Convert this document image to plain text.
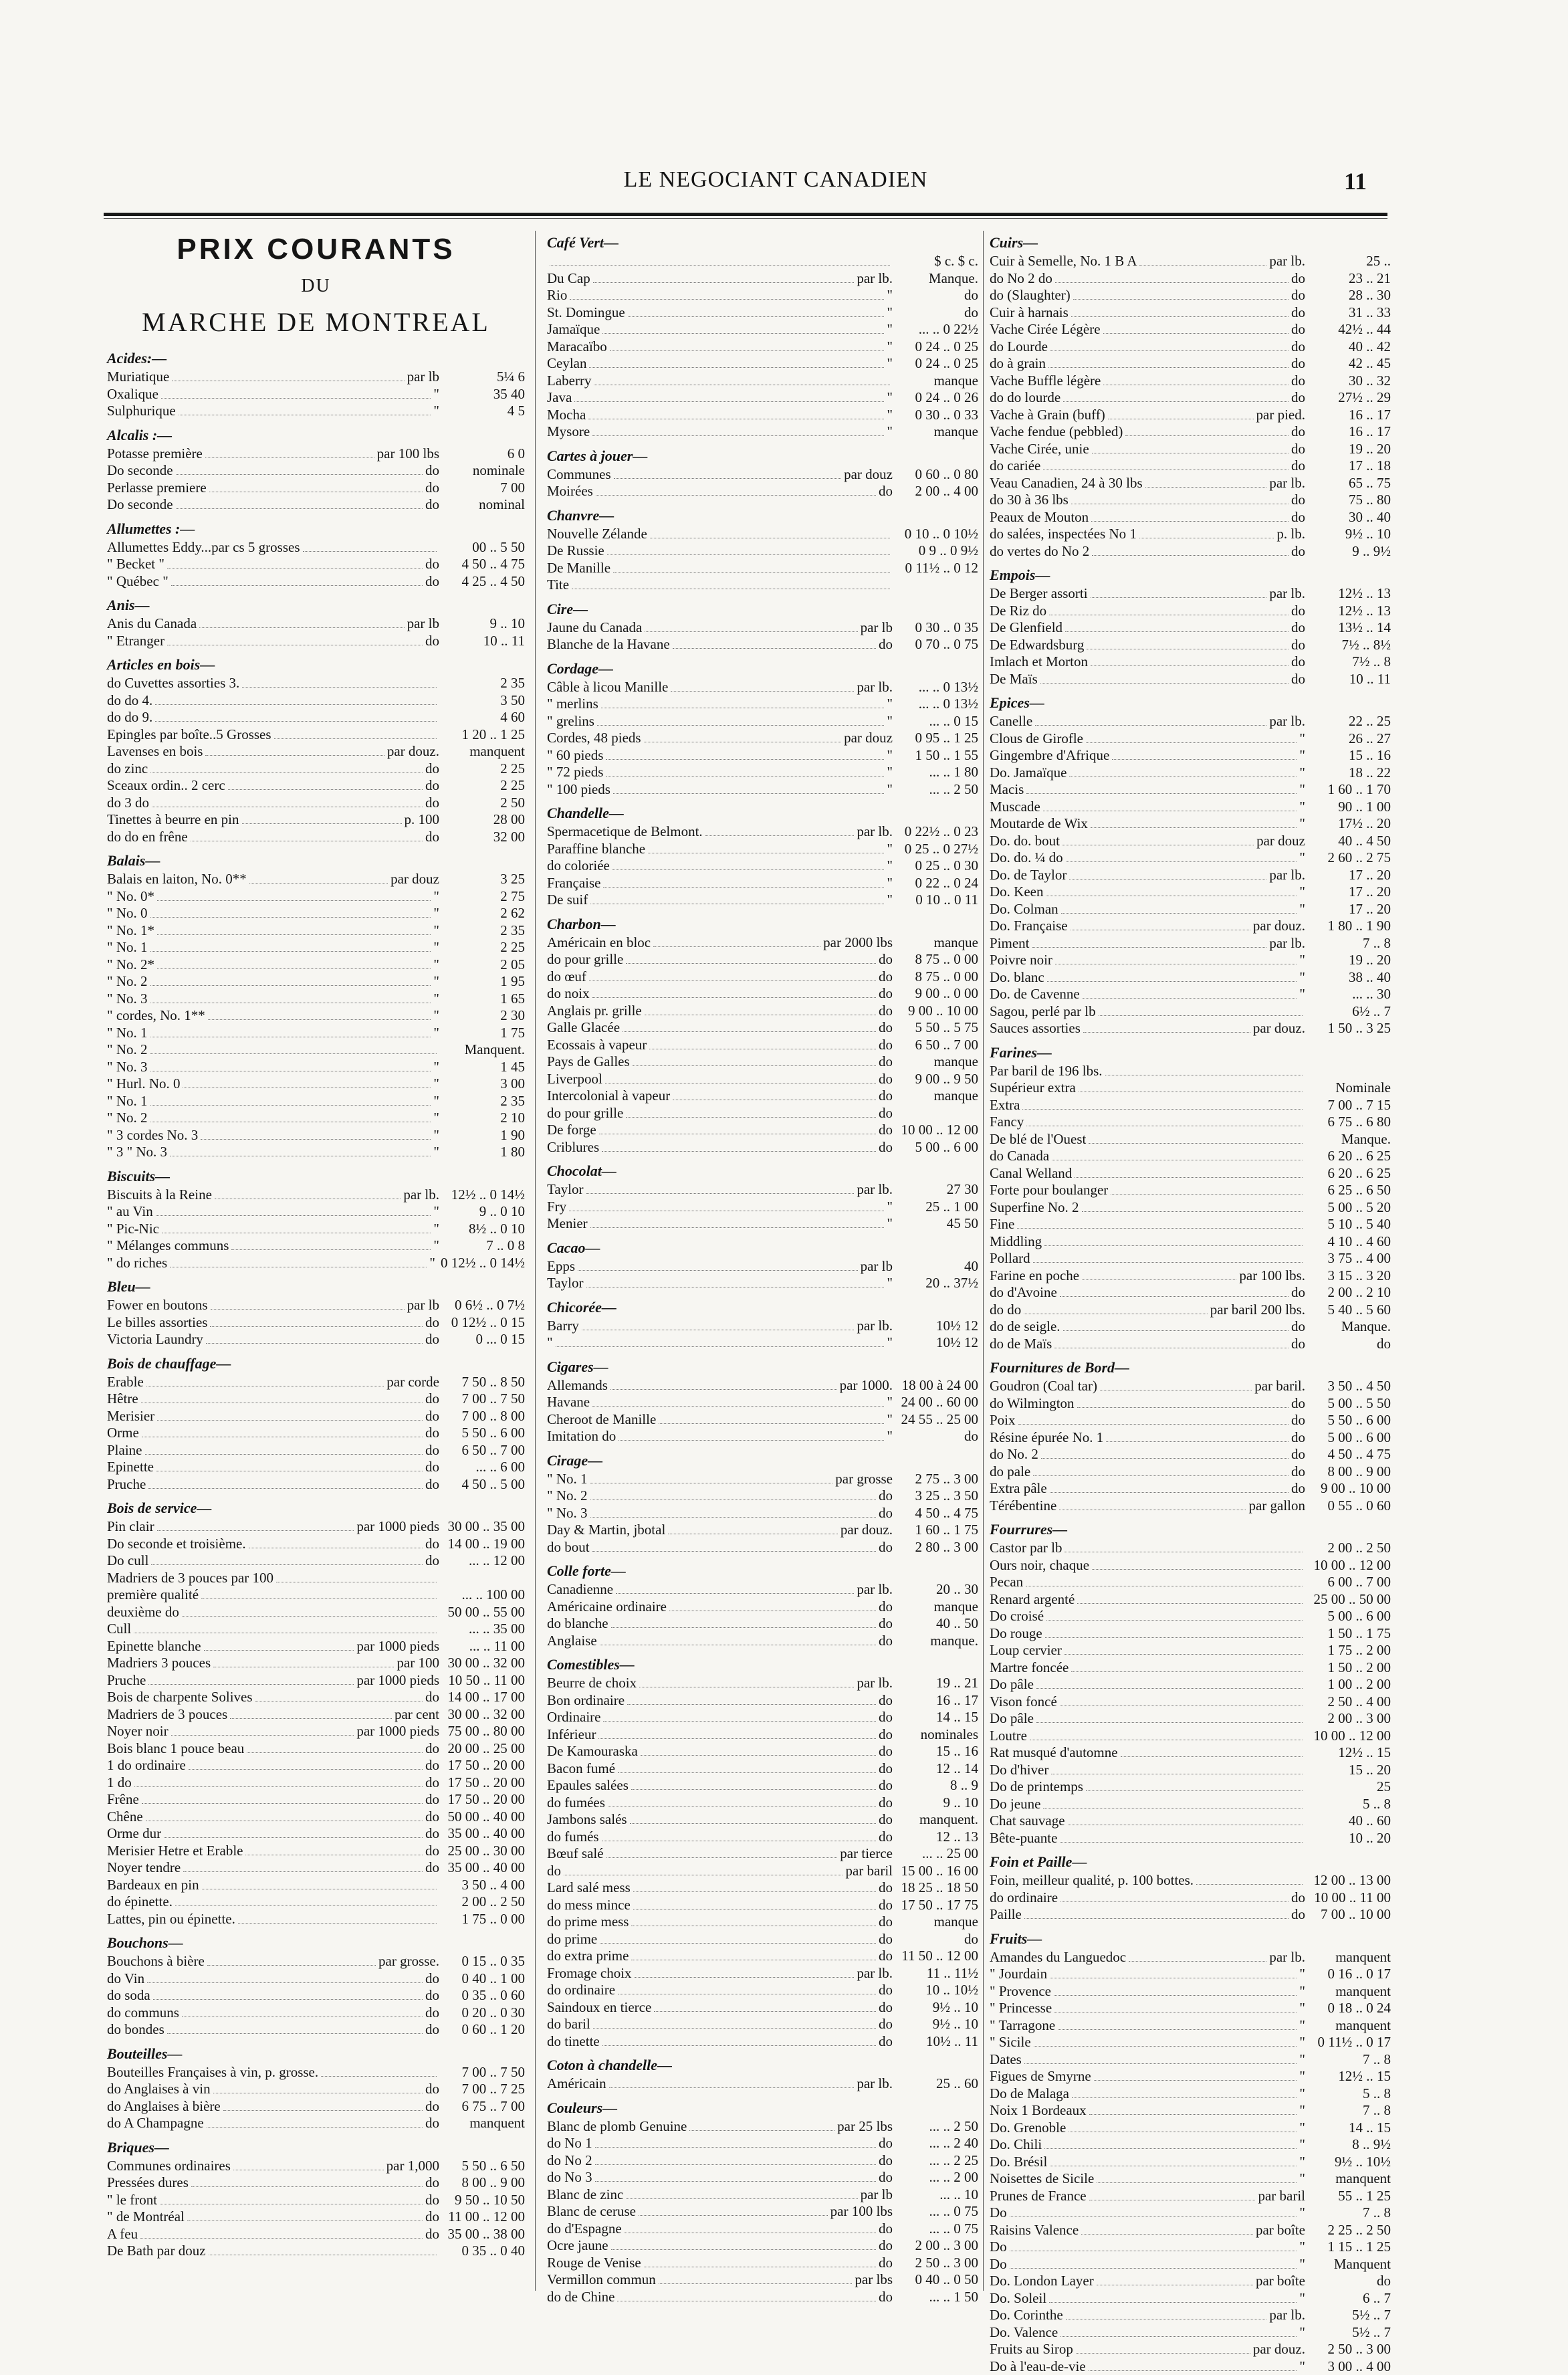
LE NEGOCIANT CANADIEN	11
PRIX COURANTS
DU
MARCHE DE MONTREAL
Acides:—
Muriatique	par lb	5¼ 6
Oxalique	"	35 40
Sulphurique	"	4 5
Alcalis :—
Potasse première	par 100 lbs	6 0
Do seconde	do	nominale
Perlasse premiere	do	7 00
Do seconde	do	nominal
Allumettes :—
Allumettes Eddy...par cs 5 grosses	00 .. 5 50
" Becket "	do	4 50 .. 4 75
" Québec "	do	4 25 .. 4 50
Anis—
Anis du Canada	par lb	9 .. 10
" Etranger	do	10 .. 11
Articles en bois—
do Cuvettes assorties 3.	2 35
do do 4.	3 50
do do 9.	4 60
Epingles par boîte..5 Grosses	1 20 .. 1 25
Lavenses en bois	par douz.	manquent
do zinc	do	2 25
Sceaux ordin.. 2 cerc	do	2 25
do 3 do	do	2 50
Tinettes à beurre en pin	p. 100	28 00
do do en frêne	do	32 00
Balais—
Balais en laiton, No. 0**	par douz	3 25
" No. 0*	"	2 75
" No. 0	"	2 62
" No. 1*	"	2 35
" No. 1	"	2 25
" No. 2*	"	2 05
" No. 2	"	1 95
" No. 3	"	1 65
" cordes, No. 1**	"	2 30
" No. 1	"	1 75
" No. 2	Manquent.
" No. 3	"	1 45
" Hurl. No. 0	"	3 00
" No. 1	"	2 35
" No. 2	"	2 10
" 3 cordes No. 3	"	1 90
" 3 " No. 3	"	1 80
Biscuits—
Biscuits à la Reine	par lb. 12½ .. 0 14½
" au Vin	"	9 .. 0 10
" Pic-Nic	"	8½ .. 0 10
" Mélanges communs	"	7 .. 0 8
" do riches	" 0 12½ .. 0 14½
Bleu—
Fower en boutons	par lb	0 6½ .. 0 7½
Le billes assorties	do 0 12½ .. 0 15
Victoria Laundry	do	0 ... 0 15
Bois de chauffage—
Erable	par corde	7 50 .. 8 50
Hêtre	do	7 00 .. 7 50
Merisier	do	7 00 .. 8 00
Orme	do	5 50 .. 6 00
Plaine	do	6 50 .. 7 00
Epinette	do	... .. 6 00
Pruche	do	4 50 .. 5 00
Bois de service—
Pin clair	par 1000 pieds 30 00 .. 35 00
Do seconde et troisième.	do 14 00 .. 19 00
Do cull	do	... .. 12 00
Madriers de 3 pouces par 100
première qualité	... .. 100 00
deuxième do	50 00 .. 55 00
Cull	... .. 35 00
Epinette blanche	par 1000 pieds	... .. 11 00
Madriers 3 pouces	par 100 30 00 .. 32 00
Pruche	par 1000 pieds 10 50 .. 11 00
Bois de charpente Solives	do 14 00 .. 17 00
Madriers de 3 pouces	par cent 30 00 .. 32 00
Noyer noir	par 1000 pieds 75 00 .. 80 00
Bois blanc 1 pouce beau	do 20 00 .. 25 00
1 do ordinaire	do 17 50 .. 20 00
1 do	do 17 50 .. 20 00
Frêne	do 17 50 .. 20 00
Chêne	do 50 00 .. 40 00
Orme dur	do 35 00 .. 40 00
Merisier Hetre et Erable	do 25 00 .. 30 00
Noyer tendre	do 35 00 .. 40 00
Bardeaux en pin	3 50 .. 4 00
do épinette.	2 00 .. 2 50
Lattes, pin ou épinette.	1 75 .. 0 00
Bouchons—
Bouchons à bière	par grosse.	0 15 .. 0 35
do Vin	do	0 40 .. 1 00
do soda	do	0 35 .. 0 60
do communs	do	0 20 .. 0 30
do bondes	do	0 60 .. 1 20
Bouteilles—
Bouteilles Françaises à vin, p. grosse.	7 00 .. 7 50
do Anglaises à vin	do	7 00 .. 7 25
do Anglaises à bière	do	6 75 .. 7 00
do A Champagne	do	manquent
Briques—
Communes ordinaires	par 1,000	5 50 .. 6 50
Pressées dures	do	8 00 .. 9 00
" le front	do	9 50 .. 10 50
" de Montréal	do 11 00 .. 12 00
A feu	do 35 00 .. 38 00
De Bath par douz	0 35 .. 0 40
Café Vert—
$ c. $ c.
Du Cap	par lb.	Manque.
Rio	"	do
St. Domingue	"	do
Jamaïque	"	... .. 0 22½
Maracaïbo	"	0 24 .. 0 25
Ceylan	"	0 24 .. 0 25
Laberry	manque
Java	"	0 24 .. 0 26
Mocha	"	0 30 .. 0 33
Mysore	"	manque
Cartes à jouer—
Communes	par douz	0 60 .. 0 80
Moirées	do	2 00 .. 4 00
Chanvre—
Nouvelle Zélande	0 10 .. 0 10½
De Russie	0 9 .. 0 9½
De Manille	0 11½ .. 0 12
Tite
Cire—
Jaune du Canada	par lb	0 30 .. 0 35
Blanche de la Havane	do	0 70 .. 0 75
Cordage—
Câble à licou Manille	par lb.	... .. 0 13½
" merlins	"	... .. 0 13½
" grelins	"	... .. 0 15
Cordes, 48 pieds	par douz	0 95 .. 1 25
" 60 pieds	"	1 50 .. 1 55
" 72 pieds	"	... .. 1 80
" 100 pieds	"	... .. 2 50
Chandelle—
Spermacetique de Belmont.	par lb. 0 22½ .. 0 23
Paraffine blanche	" 0 25 .. 0 27½
do coloriée	"	0 25 .. 0 30
Française	"	0 22 .. 0 24
De suif	"	0 10 .. 0 11
Charbon—
Américain en bloc	par 2000 lbs	manque
do pour grille	do	8 75 .. 0 00
do œuf	do	8 75 .. 0 00
do noix	do	9 00 .. 0 00
Anglais pr. grille	do	9 00 .. 10 00
Galle Glacée	do	5 50 .. 5 75
Ecossais à vapeur	do	6 50 .. 7 00
Pays de Galles	do	manque
Liverpool	do	9 00 .. 9 50
Intercolonial à vapeur	do	manque
do pour grille	do
De forge	do 10 00 .. 12 00
Criblures	do	5 00 .. 6 00
Chocolat—
Taylor	par lb.	27 30
Fry	"	25 .. 1 00
Menier	"	45 50
Cacao—
Epps	par lb	40
Taylor	"	20 .. 37½
Chicorée—
Barry	par lb.	10½ 12
"	"	10½ 12
Cigares—
Allemands	par 1000. 18 00 à 24 00
Havane	" 24 00 .. 60 00
Cheroot de Manille	" 24 55 .. 25 00
Imitation do	"	do
Cirage—
" No. 1	par grosse	2 75 .. 3 00
" No. 2	do	3 25 .. 3 50
" No. 3	do	4 50 .. 4 75
Day & Martin, jbotal	par douz.	1 60 .. 1 75
do bout	do	2 80 .. 3 00
Colle forte—
Canadienne	par lb.	20 .. 30
Américaine ordinaire	do	manque
do blanche	do	40 .. 50
Anglaise	do	manque.
Comestibles—
Beurre de choix	par lb.	19 .. 21
Bon ordinaire	do	16 .. 17
Ordinaire	do	14 .. 15
Inférieur	do	nominales
De Kamouraska	do	15 .. 16
Bacon fumé	do	12 .. 14
Epaules salées	do	8 .. 9
do fumées	do	9 .. 10
Jambons salés	do	manquent.
do fumés	do	12 .. 13
Bœuf salé	par tierce	... .. 25 00
do	par baril 15 00 .. 16 00
Lard salé mess	do 18 25 .. 18 50
do mess mince	do 17 50 .. 17 75
do prime mess	do	manque
do prime	do	do
do extra prime	do 11 50 .. 12 00
Fromage choix	par lb.	11 .. 11½
do ordinaire	do	10 .. 10½
Saindoux en tierce	do	9½ .. 10
do baril	do	9½ .. 10
do tinette	do	10½ .. 11
Coton à chandelle—
Américain	par lb.	25 .. 60
Couleurs—
Blanc de plomb Genuine	par 25 lbs	... .. 2 50
do No 1	do	... .. 2 40
do No 2	do	... .. 2 25
do No 3	do	... .. 2 00
Blanc de zinc	par lb	... .. 10
Blanc de ceruse	par 100 lbs	... .. 0 75
do d'Espagne	do	... .. 0 75
Ocre jaune	do	2 00 .. 3 00
Rouge de Venise	do	2 50 .. 3 00
Vermillon commun	par lbs	0 40 .. 0 50
do de Chine	do	... .. 1 50
Cuirs—
Cuir à Semelle, No. 1 B A	par lb.	25 ..
do No 2 do	do	23 .. 21
do (Slaughter)	do	28 .. 30
Cuir à harnais	do	31 .. 33
Vache Cirée Légère	do	42½ .. 44
do Lourde	do	40 .. 42
do à grain	do	42 .. 45
Vache Buffle légère	do	30 .. 32
do do lourde	do	27½ .. 29
Vache à Grain (buff)	par pied.	16 .. 17
Vache fendue (pebbled)	do	16 .. 17
Vache Cirée, unie	do	19 .. 20
do cariée	do	17 .. 18
Veau Canadien, 24 à 30 lbs	par lb.	65 .. 75
do 30 à 36 lbs	do	75 .. 80
Peaux de Mouton	do	30 .. 40
do salées, inspectées No 1	p. lb.	9½ .. 10
do vertes do No 2	do	9 .. 9½
Empois—
De Berger assorti	par lb.	12½ .. 13
De Riz do	do	12½ .. 13
De Glenfield	do	13½ .. 14
De Edwardsburg	do	7½ .. 8½
Imlach et Morton	do	7½ .. 8
De Maïs	do	10 .. 11
Epices—
Canelle	par lb.	22 .. 25
Clous de Girofle	"	26 .. 27
Gingembre d'Afrique	"	15 .. 16
Do. Jamaïque	"	18 .. 22
Macis	"	1 60 .. 1 70
Muscade	"	90 .. 1 00
Moutarde de Wix	"	17½ .. 20
Do. do. bout	par douz	40 .. 4 50
Do. do. ¼ do	"	2 60 .. 2 75
Do. de Taylor	par lb.	17 .. 20
Do. Keen	"	17 .. 20
Do. Colman	"	17 .. 20
Do. Française	par douz.	1 80 .. 1 90
Piment	par lb.	7 .. 8
Poivre noir	"	19 .. 20
Do. blanc	"	38 .. 40
Do. de Cavenne	"	... .. 30
Sagou, perlé par lb	6½ .. 7
Sauces assorties	par douz.	1 50 .. 3 25
Farines—
Par baril de 196 lbs.
Supérieur extra	Nominale
Extra	7 00 .. 7 15
Fancy	6 75 .. 6 80
De blé de l'Ouest	Manque.
do Canada	6 20 .. 6 25
Canal Welland	6 20 .. 6 25
Forte pour boulanger	6 25 .. 6 50
Superfine No. 2	5 00 .. 5 20
Fine	5 10 .. 5 40
Middling	4 10 .. 4 60
Pollard	3 75 .. 4 00
Farine en poche	par 100 lbs.	3 15 .. 3 20
do d'Avoine	do	2 00 .. 2 10
do do	par baril 200 lbs.	5 40 .. 5 60
do de seigle.	do	Manque.
do de Maïs	do	do
Fournitures de Bord—
Goudron (Coal tar)	par baril.	3 50 .. 4 50
do Wilmington	do	5 00 .. 5 50
Poix	do	5 50 .. 6 00
Résine épurée No. 1	do	5 00 .. 6 00
do No. 2	do	4 50 .. 4 75
do pale	do	8 00 .. 9 00
Extra pâle	do	9 00 .. 10 00
Térébentine	par gallon	0 55 .. 0 60
Fourrures—
Castor par lb	2 00 .. 2 50
Ours noir, chaque	10 00 .. 12 00
Pecan	6 00 .. 7 00
Renard argenté	25 00 .. 50 00
Do croisé	5 00 .. 6 00
Do rouge	1 50 .. 1 75
Loup cervier	1 75 .. 2 00
Martre foncée	1 50 .. 2 00
Do pâle	1 00 .. 2 00
Vison foncé	2 50 .. 4 00
Do pâle	2 00 .. 3 00
Loutre	10 00 .. 12 00
Rat musqué d'automne	12½ .. 15
Do d'hiver	15 .. 20
Do de printemps	25
Do jeune	5 .. 8
Chat sauvage	40 .. 60
Bête-puante	10 .. 20
Foin et Paille—
Foin, meilleur qualité, p. 100 bottes.	12 00 .. 13 00
do ordinaire	do 10 00 .. 11 00
Paille	do	7 00 .. 10 00
Fruits—
Amandes du Languedoc	par lb.	manquent
" Jourdain	"	0 16 .. 0 17
" Provence	"	manquent
" Princesse	"	0 18 .. 0 24
" Tarragone	"	manquent
" Sicile	" 0 11½ .. 0 17
Dates	"	7 .. 8
Figues de Smyrne	"	12½ .. 15
Do de Malaga	"	5 .. 8
Noix 1 Bordeaux	"	7 .. 8
Do. Grenoble	"	14 .. 15
Do. Chili	"	8 .. 9½
Do. Brésil	"	9½ .. 10½
Noisettes de Sicile	"	manquent
Prunes de France	par baril	55 .. 1 25
Do	"	7 .. 8
Raisins Valence	par boîte	2 25 .. 2 50
Do	"	1 15 .. 1 25
Do	"	Manquent
Do. London Layer	par boîte	do
Do. Soleil	"	6 .. 7
Do. Corinthe	par lb.	5½ .. 7
Do. Valence	"	5½ .. 7
Fruits au Sirop	par douz.	2 50 .. 3 00
Do à l'eau-de-vie	"	3 00 .. 4 00
